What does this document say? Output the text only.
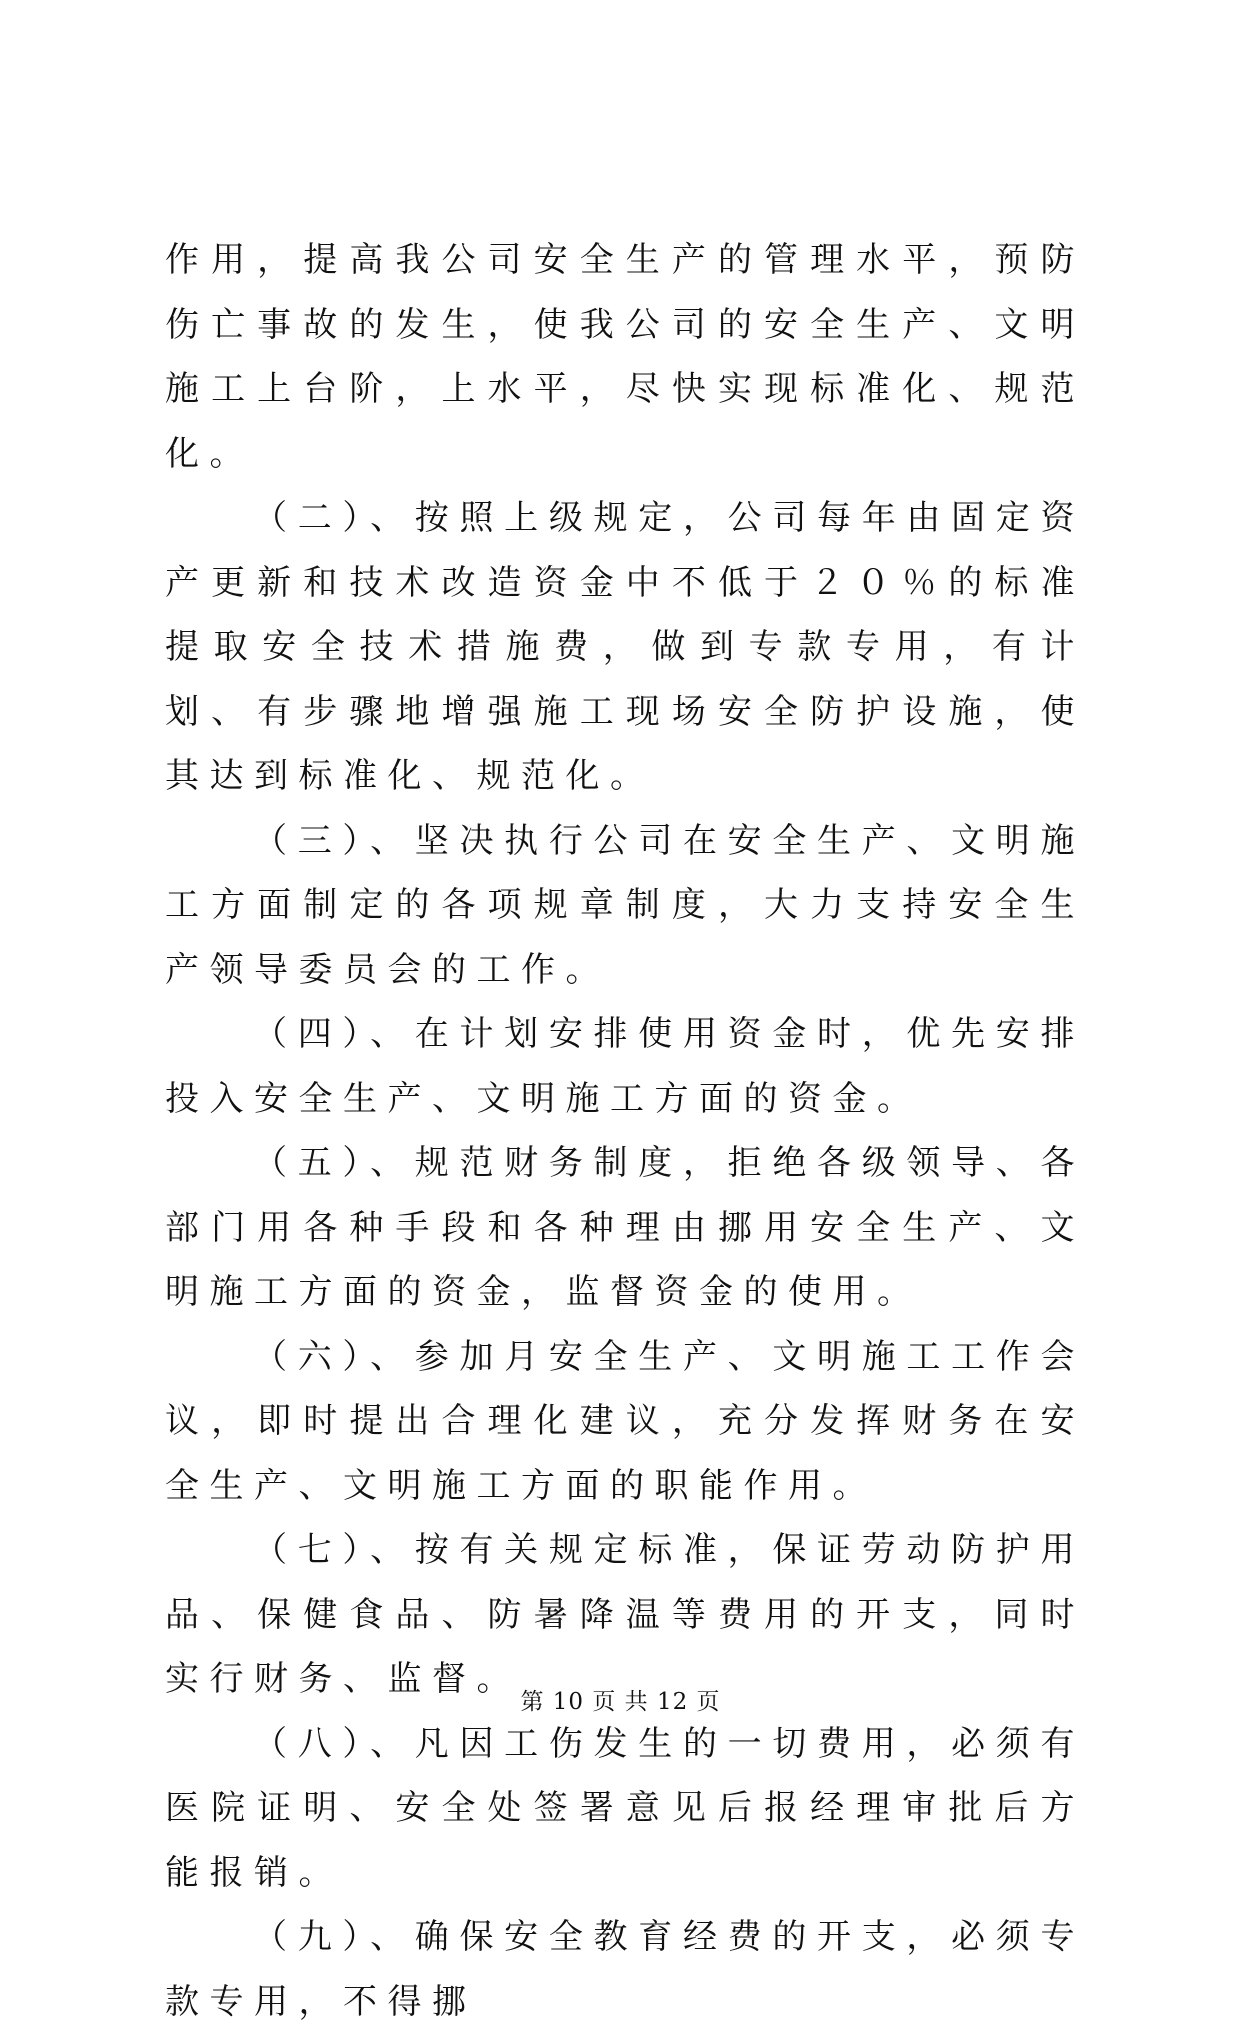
作用，提高我公司安全生产的管理水平，预防伤亡事故的发生，使我公司的安全生产、文明施工上台阶，上水平，尽快实现标准化、规范化。

（二）、按照上级规定，公司每年由固定资产更新和技术改造资金中不低于２０％的标准提取安全技术措施费，做到专款专用，有计划、有步骤地增强施工现场安全防护设施，使其达到标准化、规范化。

（三）、坚决执行公司在安全生产、文明施工方面制定的各项规章制度，大力支持安全生产领导委员会的工作。

（四）、在计划安排使用资金时，优先安排投入安全生产、文明施工方面的资金。

（五）、规范财务制度，拒绝各级领导、各部门用各种手段和各种理由挪用安全生产、文明施工方面的资金，监督资金的使用。

（六）、参加月安全生产、文明施工工作会议，即时提出合理化建议，充分发挥财务在安全生产、文明施工方面的职能作用。

（七）、按有关规定标准，保证劳动防护用品、保健食品、防暑降温等费用的开支，同时实行财务、监督。

（八）、凡因工伤发生的一切费用，必须有医院证明、安全处签署意见后报经理审批后方能报销。

（九）、确保安全教育经费的开支，必须专款专用，不得挪

第 10 页 共 12 页
